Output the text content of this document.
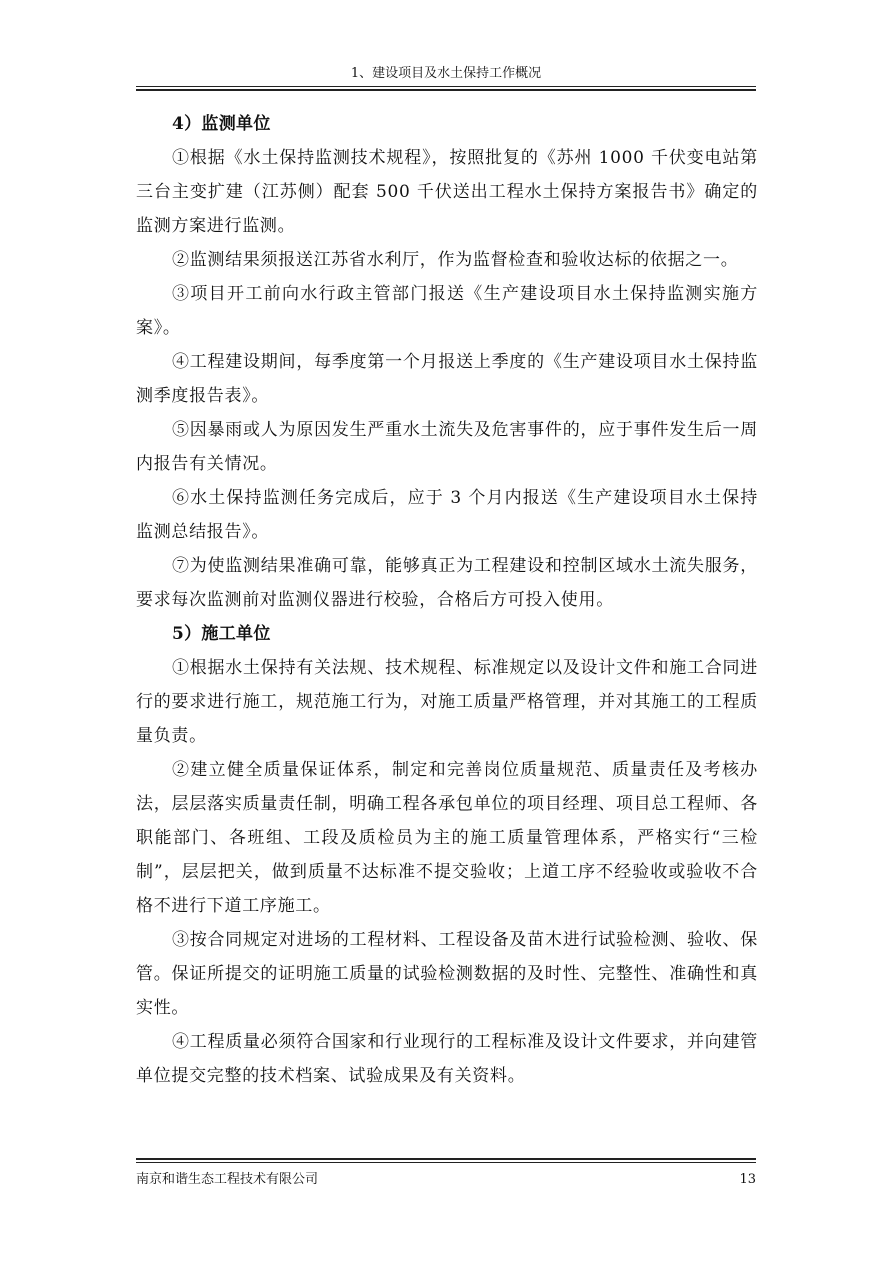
1、建设项目及水土保持工作概况
4）监测单位

①根据《水土保持监测技术规程》，按照批复的《苏州 1000 千伏变电站第三台主变扩建（江苏侧）配套 500 千伏送出工程水土保持方案报告书》确定的监测方案进行监测。

②监测结果须报送江苏省水利厅，作为监督检查和验收达标的依据之一。

③项目开工前向水行政主管部门报送《生产建设项目水土保持监测实施方案》。

④工程建设期间，每季度第一个月报送上季度的《生产建设项目水土保持监测季度报告表》。

⑤因暴雨或人为原因发生严重水土流失及危害事件的，应于事件发生后一周内报告有关情况。

⑥水土保持监测任务完成后，应于 3 个月内报送《生产建设项目水土保持监测总结报告》。

⑦为使监测结果准确可靠，能够真正为工程建设和控制区域水土流失服务，要求每次监测前对监测仪器进行校验，合格后方可投入使用。

5）施工单位

①根据水土保持有关法规、技术规程、标准规定以及设计文件和施工合同进行的要求进行施工，规范施工行为，对施工质量严格管理，并对其施工的工程质量负责。

②建立健全质量保证体系，制定和完善岗位质量规范、质量责任及考核办法，层层落实质量责任制，明确工程各承包单位的项目经理、项目总工程师、各职能部门、各班组、工段及质检员为主的施工质量管理体系，严格实行“三检制”，层层把关，做到质量不达标准不提交验收；上道工序不经验收或验收不合格不进行下道工序施工。

③按合同规定对进场的工程材料、工程设备及苗木进行试验检测、验收、保管。保证所提交的证明施工质量的试验检测数据的及时性、完整性、准确性和真实性。

④工程质量必须符合国家和行业现行的工程标准及设计文件要求，并向建管单位提交完整的技术档案、试验成果及有关资料。

南京和谐生态工程技术有限公司	13
